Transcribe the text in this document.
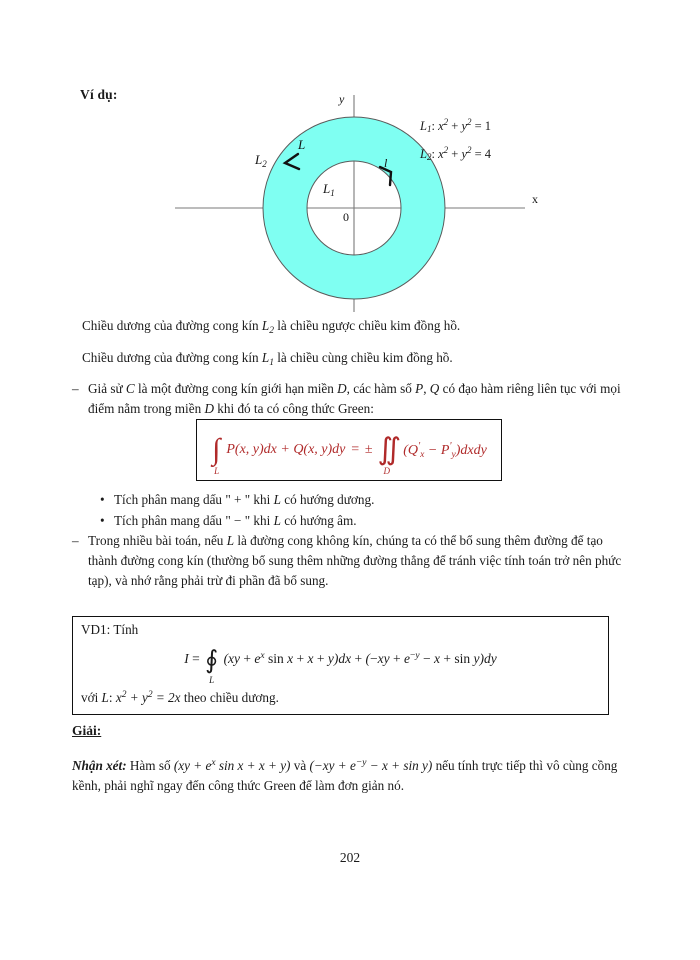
Ví dụ:
x
y
0
$L_2$
$L_1$
L
l
$L_1$: $x^2 + y^2 = 1$
$L_2$: $x^2 + y^2 = 4$
Chiều dương của đường cong kín $L_2$ là chiều ngược chiều kim đồng hồ.
Chiều dương của đường cong kín $L_1$ là chiều cùng chiều kim đồng hồ.
– Giả sử C là một đường cong kín giới hạn miền D, các hàm số P, Q có đạo hàm riêng liên tục với mọi điểm nằm trong miền D khi đó ta có công thức Green:
∫
L
P(x, y)dx + Q(x, y)dy = ± ∬
D
($Q'_x$ − $P'_y)dxdy$
• Tích phân mang dấu " + " khi L có hướng dương.
• Tích phân mang dấu " − " khi L có hướng âm.
– Trong nhiều bài toán, nếu L là đường cong không kín, chúng ta có thể bổ sung thêm đường để tạo thành đường cong kín (thường bổ sung thêm những đường thẳng để tránh việc tính toán trở nên phức tạp), và nhớ rằng phải trừ đi phần đã bổ sung.
VD1: Tính
I = ∮
L
($xy + e^x$ $\sin x + x + y)dx + (-xy + e^{-y} - x + \sin y)dy$
với L: $x^2 + y^2 = 2x$ theo chiều dương.
Giải:
Nhận xét: Hàm số ($xy + e^x$ sin x + x + y) và $(-xy + e^{-y} - x + \sin y)$ nếu tính trực tiếp thì vô cùng cồng kềnh, phải nghĩ ngay đến công thức Green để làm đơn giản nó.
202
